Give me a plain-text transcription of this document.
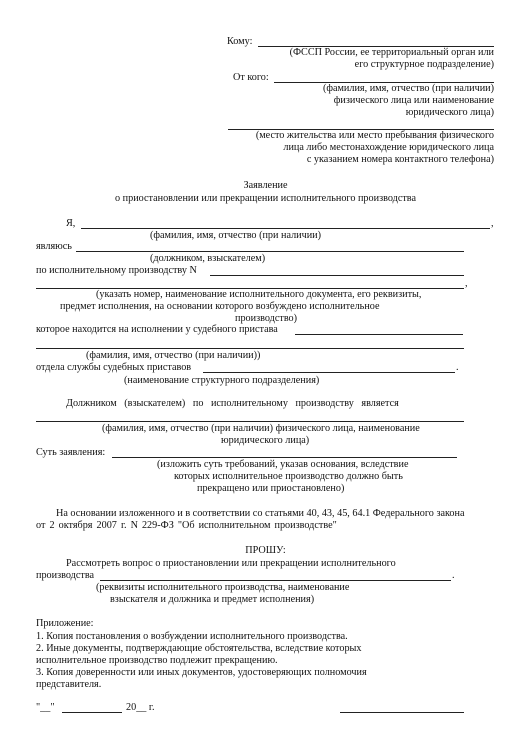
Кому:
(ФССП России, ее территориальный орган или
его структурное подразделение)
От кого:
(фамилия, имя, отчество (при наличии)
физического лица или наименование
юридического лица)
(место жительства или место пребывания физического
лица либо местонахождение юридического лица
с указанием номера контактного телефона)
Заявление
о приостановлении или прекращении исполнительного производства
Я,	,
(фамилия, имя, отчество (при наличии)
являюсь
(должником, взыскателем)
по исполнительному производству N
,
(указать номер, наименование исполнительного документа, его реквизиты,
предмет исполнения, на основании которого возбуждено исполнительное
производство)
которое находится на исполнении у судебного пристава
(фамилия, имя, отчество (при наличии))
отдела службы судебных приставов	.
(наименование структурного подразделения)
Должником (взыскателем) по исполнительному производству является
(фамилия, имя, отчество (при наличии) физического лица, наименование
юридического лица)
Суть заявления:
(изложить суть требований, указав основания, вследствие
которых исполнительное производство должно быть
прекращено или приостановлено)
На основании изложенного и в соответствии со статьями 40, 43, 45, 64.1 Федерального закона
от 2 октября 2007 г. N 229-ФЗ "Об исполнительном производстве"
ПРОШУ:
Рассмотреть вопрос о приостановлении или прекращении исполнительного
производства	.
(реквизиты исполнительного производства, наименование
взыскателя и должника и предмет исполнения)
Приложение:
1. Копия постановления о возбуждении исполнительного производства.
2. Иные документы, подтверждающие обстоятельства, вследствие которых
исполнительное производство подлежит прекращению.
3. Копия доверенности или иных документов, удостоверяющих полномочия
представителя.
"__"	20__ г.
